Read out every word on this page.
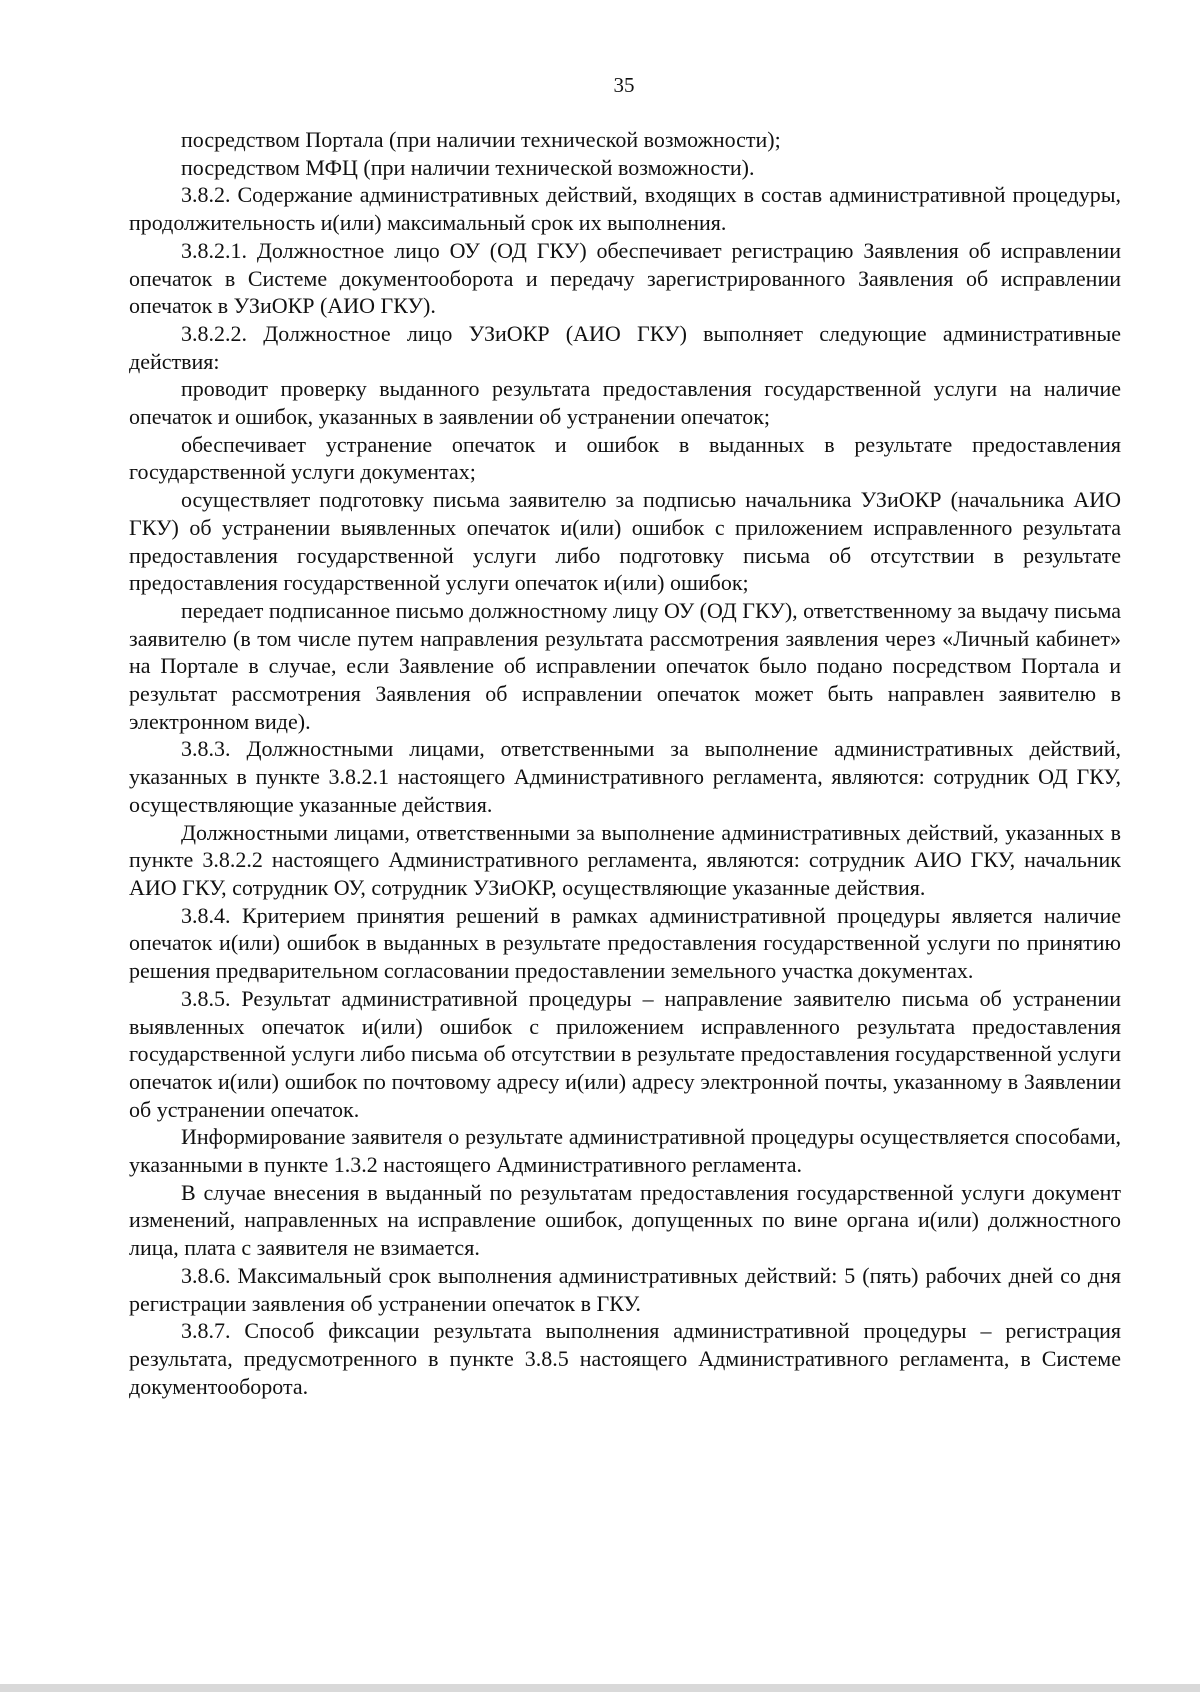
35

посредством Портала (при наличии технической возможности);

посредством МФЦ (при наличии технической возможности).

3.8.2. Содержание административных действий, входящих в состав административной процедуры, продолжительность и(или) максимальный срок их выполнения.

3.8.2.1. Должностное лицо ОУ (ОД ГКУ) обеспечивает регистрацию Заявления об исправлении опечаток в Системе документооборота и передачу зарегистрированного Заявления об исправлении опечаток в УЗиОКР (АИО ГКУ).

3.8.2.2. Должностное лицо УЗиОКР (АИО ГКУ) выполняет следующие административные действия:

проводит проверку выданного результата предоставления государственной услуги на наличие опечаток и ошибок, указанных в заявлении об устранении опечаток;

обеспечивает устранение опечаток и ошибок в выданных в результате предоставления государственной услуги документах;

осуществляет подготовку письма заявителю за подписью начальника УЗиОКР (начальника АИО ГКУ) об устранении выявленных опечаток и(или) ошибок с приложением исправленного результата предоставления государственной услуги либо подготовку письма об отсутствии в результате предоставления государственной услуги опечаток и(или) ошибок;

передает подписанное письмо должностному лицу ОУ (ОД ГКУ), ответственному за выдачу письма заявителю (в том числе путем направления результата рассмотрения заявления через «Личный кабинет» на Портале в случае, если Заявление об исправлении опечаток было подано посредством Портала и результат рассмотрения Заявления об исправлении опечаток может быть направлен заявителю в электронном виде).

3.8.3. Должностными лицами, ответственными за выполнение административных действий, указанных в пункте 3.8.2.1 настоящего Административного регламента, являются: сотрудник ОД ГКУ, осуществляющие указанные действия.

Должностными лицами, ответственными за выполнение административных действий, указанных в пункте 3.8.2.2 настоящего Административного регламента, являются: сотрудник АИО ГКУ, начальник АИО ГКУ, сотрудник ОУ, сотрудник УЗиОКР, осуществляющие указанные действия.

3.8.4. Критерием принятия решений в рамках административной процедуры является наличие опечаток и(или) ошибок в выданных в результате предоставления государственной услуги по принятию решения предварительном согласовании предоставлении земельного участка документах.

3.8.5. Результат административной процедуры – направление заявителю письма об устранении выявленных опечаток и(или) ошибок с приложением исправленного результата предоставления государственной услуги либо письма об отсутствии в результате предоставления государственной услуги опечаток и(или) ошибок по почтовому адресу и(или) адресу электронной почты, указанному в Заявлении об устранении опечаток.

Информирование заявителя о результате административной процедуры осуществляется способами, указанными в пункте 1.3.2 настоящего Административного регламента.

В случае внесения в выданный по результатам предоставления государственной услуги документ изменений, направленных на исправление ошибок, допущенных по вине органа и(или) должностного лица, плата с заявителя не взимается.

3.8.6. Максимальный срок выполнения административных действий: 5 (пять) рабочих дней со дня регистрации заявления об устранении опечаток в ГКУ.

3.8.7. Способ фиксации результата выполнения административной процедуры – регистрация результата, предусмотренного в пункте 3.8.5 настоящего Административного регламента, в Системе документооборота.
